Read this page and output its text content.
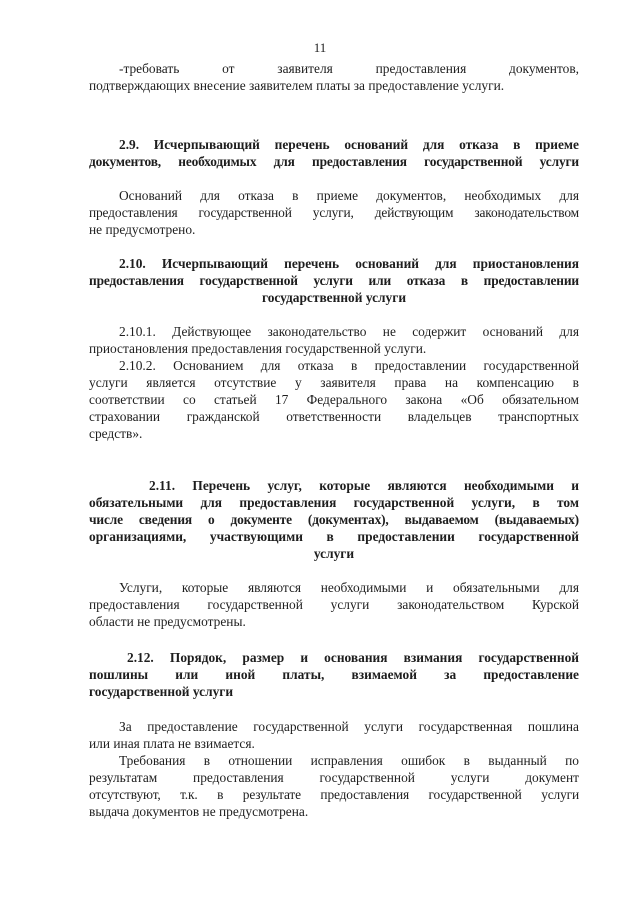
11
-требовать от заявителя предоставления документов,
подтверждающих внесение заявителем платы за предоставление услуги.
2.9. Исчерпывающий перечень оснований для отказа в приеме
документов, необходимых для предоставления государственной услуги
Оснований для отказа в приеме документов, необходимых для
предоставления государственной услуги, действующим законодательством
не предусмотрено.
2.10. Исчерпывающий перечень оснований для приостановления
предоставления государственной услуги или отказа в предоставлении
государственной услуги
2.10.1. Действующее законодательство не содержит оснований для
приостановления предоставления государственной услуги.
2.10.2. Основанием для отказа в предоставлении государственной
услуги является отсутствие у заявителя права на компенсацию в
соответствии со статьей 17 Федерального закона «Об обязательном
страховании гражданской ответственности владельцев транспортных
средств».
2.11. Перечень услуг, которые являются необходимыми и
обязательными для предоставления государственной услуги, в том
числе сведения о документе (документах), выдаваемом (выдаваемых)
организациями, участвующими в предоставлении государственной
услуги
Услуги, которые являются необходимыми и обязательными для
предоставления государственной услуги законодательством Курской
области не предусмотрены.
2.12. Порядок, размер и основания взимания государственной
пошлины или иной платы, взимаемой за предоставление
государственной услуги
За предоставление государственной услуги государственная пошлина
или иная плата не взимается.
Требования в отношении исправления ошибок в выданный по
результатам предоставления государственной услуги документ
отсутствуют, т.к. в результате предоставления государственной услуги
выдача документов не предусмотрена.
